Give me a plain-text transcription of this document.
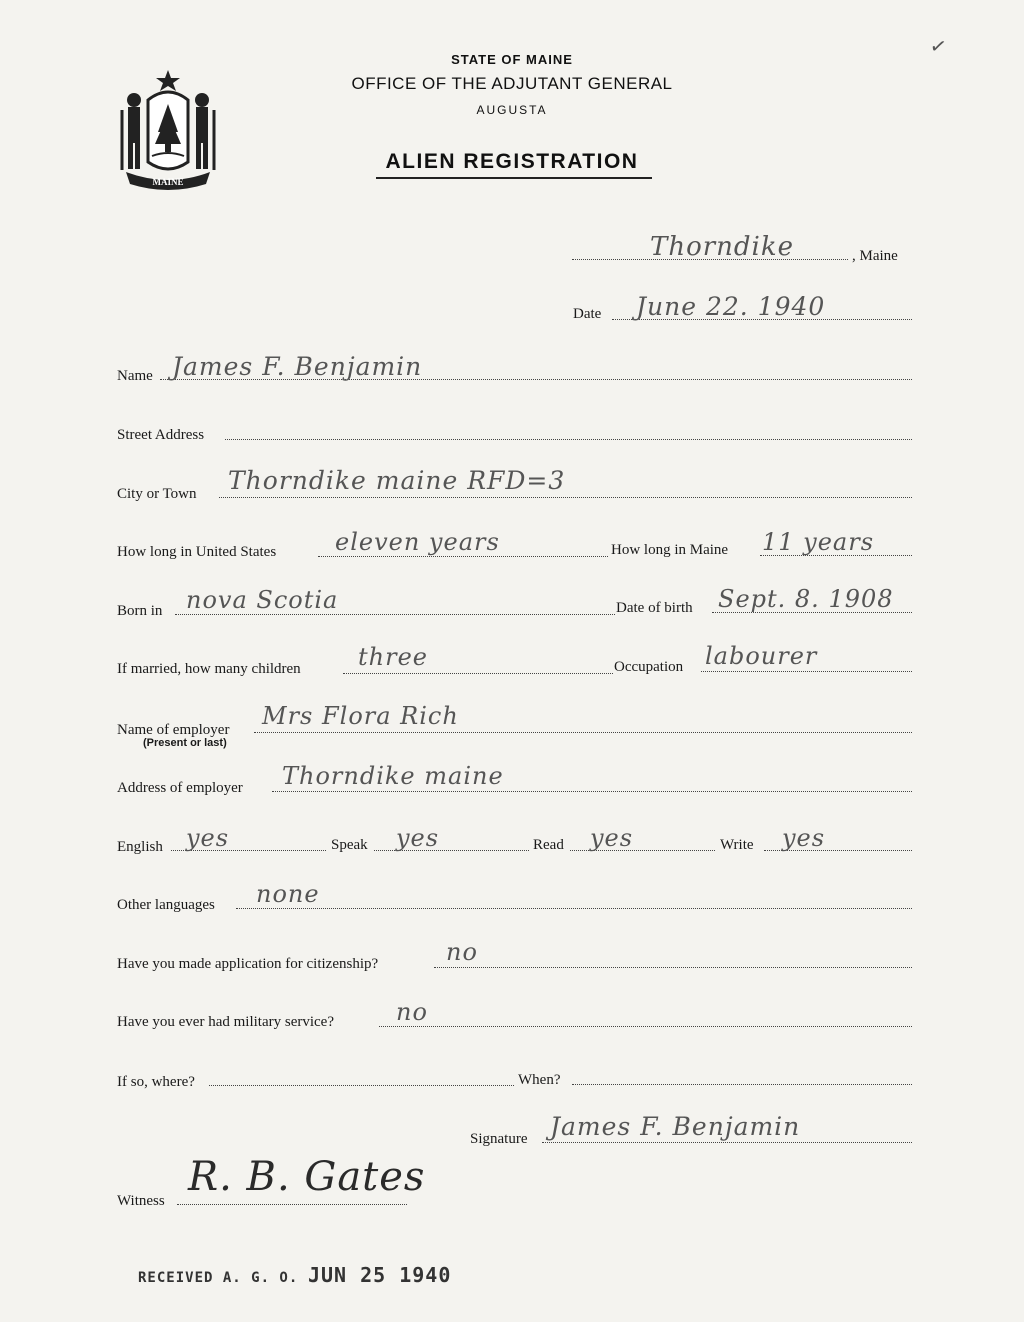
MAINE
STATE OF MAINE
OFFICE OF THE ADJUTANT GENERAL
AUGUSTA
ALIEN REGISTRATION
✓
Thorndike	, Maine
Date June 22. 1940
Name James F. Benjamin
Street Address
City or Town Thorndike maine RFD=3
How long in United States eleven years	How long in Maine 11 years
Born in nova Scotia	Date of birth Sept. 8. 1908
If married, how many children three	Occupation labourer
Name of employer
(Present or last)
Mrs Flora Rich
Address of employer Thorndike maine
English yes	Speak yes	Read yes	Write yes
Other languages none
Have you made application for citizenship?	no
Have you ever had military service?	no
If so, where?	When?
Signature James F. Benjamin
Witness
R. B. Gates
RECEIVED A. G. O. JUN 25 1940
